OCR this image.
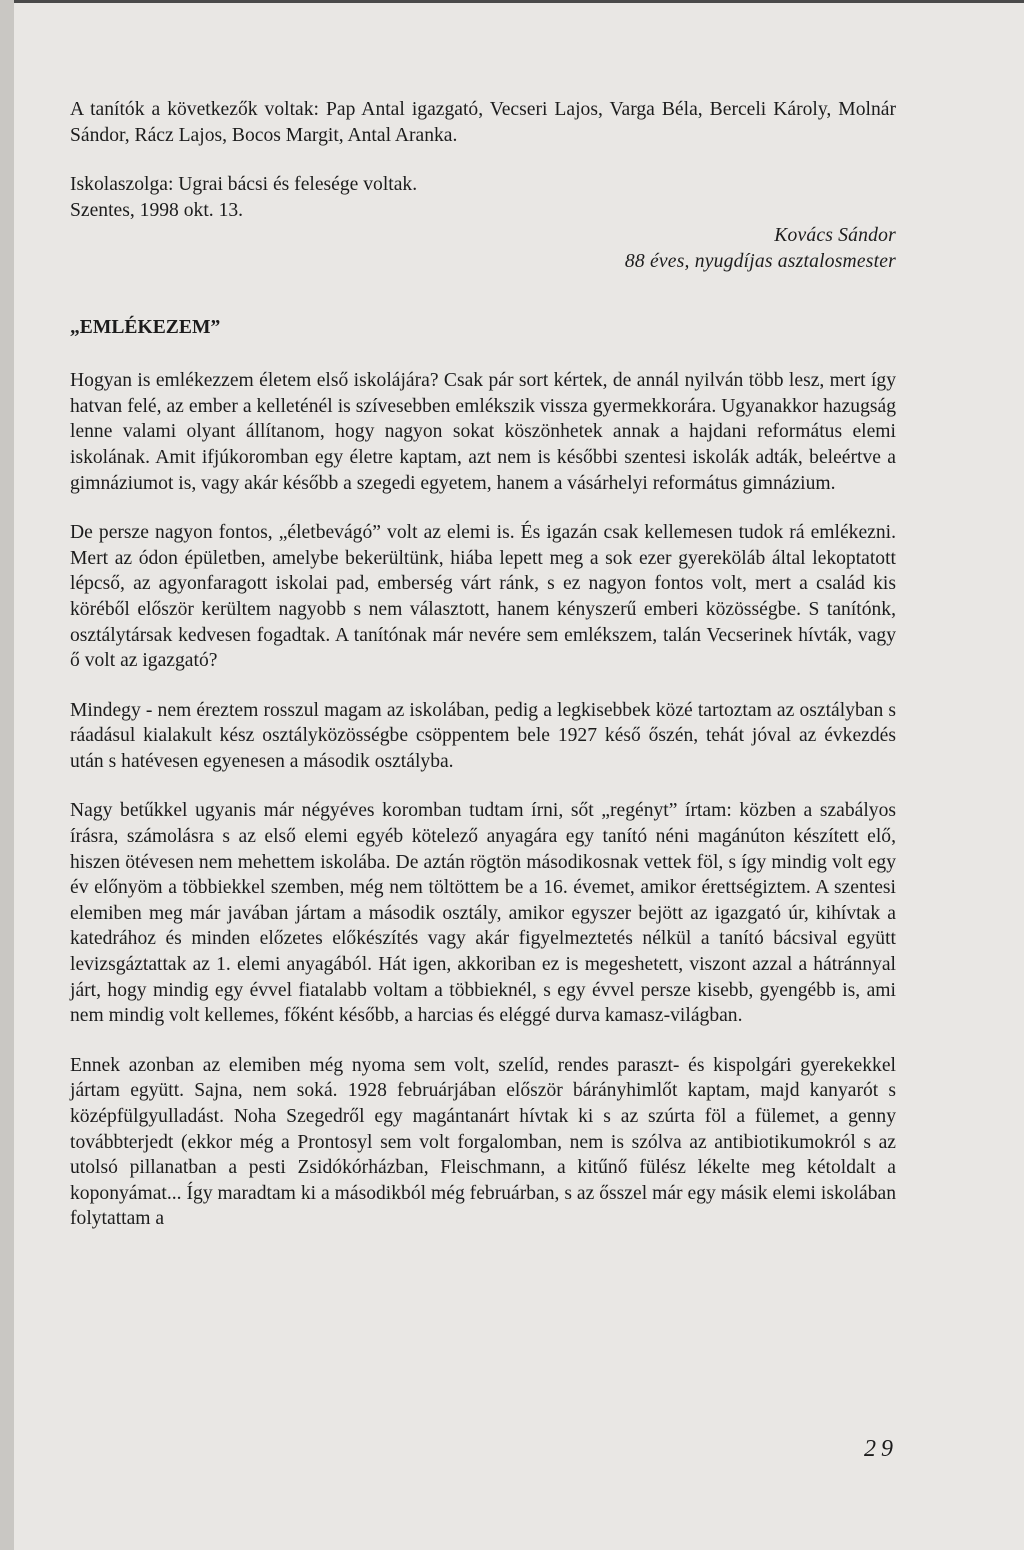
A tanítók a következők voltak: Pap Antal igazgató, Vecseri Lajos, Varga Béla, Berceli Károly, Molnár Sándor, Rácz Lajos, Bocos Margit, Antal Aranka.

Iskolaszolga: Ugrai bácsi és felesége voltak.

Szentes, 1998 okt. 13.

Kovács Sándor

88 éves, nyugdíjas asztalosmester

„EMLÉKEZEM”

Hogyan is emlékezzem életem első iskolájára? Csak pár sort kértek, de annál nyilván több lesz, mert így hatvan felé, az ember a kelleténél is szívesebben emlékszik vissza gyermekkorára. Ugyanakkor hazugság lenne valami olyant állítanom, hogy nagyon sokat köszönhetek annak a hajdani református elemi iskolának. Amit ifjúkoromban egy életre kaptam, azt nem is későbbi szentesi iskolák adták, beleértve a gimnáziumot is, vagy akár később a szegedi egyetem, hanem a vásárhelyi református gimnázium.

De persze nagyon fontos, „életbevágó” volt az elemi is. És igazán csak kellemesen tudok rá emlékezni. Mert az ódon épületben, amelybe bekerültünk, hiába lepett meg a sok ezer gyereköláb által lekoptatott lépcső, az agyonfaragott iskolai pad, emberség várt ránk, s ez nagyon fontos volt, mert a család kis köréből először kerültem nagyobb s nem választott, hanem kényszerű emberi közösségbe. S tanítónk, osztálytársak kedvesen fogadtak. A tanítónak már nevére sem emlékszem, talán Vecserinek hívták, vagy ő volt az igazgató?

Mindegy - nem éreztem rosszul magam az iskolában, pedig a legkisebbek közé tartoztam az osztályban s ráadásul kialakult kész osztályközösségbe csöppentem bele 1927 késő őszén, tehát jóval az évkezdés után s hatévesen egyenesen a második osztályba.

Nagy betűkkel ugyanis már négyéves koromban tudtam írni, sőt „regényt” írtam: közben a szabályos írásra, számolásra s az első elemi egyéb kötelező anyagára egy tanító néni magánúton készített elő, hiszen ötévesen nem mehettem iskolába. De aztán rögtön másodikosnak vettek föl, s így mindig volt egy év előnyöm a többiekkel szemben, még nem töltöttem be a 16. évemet, amikor érettségiztem. A szentesi elemiben meg már javában jártam a második osztály, amikor egyszer bejött az igazgató úr, kihívtak a katedrához és minden előzetes előkészítés vagy akár figyelmeztetés nélkül a tanító bácsival együtt levizsgáztattak az 1. elemi anyagából. Hát igen, akkoriban ez is megeshetett, viszont azzal a hátránnyal járt, hogy mindig egy évvel fiatalabb voltam a többieknél, s egy évvel persze kisebb, gyengébb is, ami nem mindig volt kellemes, főként később, a harcias és eléggé durva kamasz-világban.

Ennek azonban az elemiben még nyoma sem volt, szelíd, rendes paraszt- és kispolgári gyerekekkel jártam együtt. Sajna, nem soká. 1928 februárjában először bárányhimlőt kaptam, majd kanyarót s középfülgyulladást. Noha Szegedről egy magántanárt hívtak ki s az szúrta föl a fülemet, a genny továbbterjedt (ekkor még a Prontosyl sem volt forgalomban, nem is szólva az antibiotikumokról s az utolsó pillanatban a pesti Zsidókórházban, Fleischmann, a kitűnő fülész lékelte meg kétoldalt a koponyámat... Így maradtam ki a másodikból még februárban, s az ősszel már egy másik elemi iskolában folytattam a

29
